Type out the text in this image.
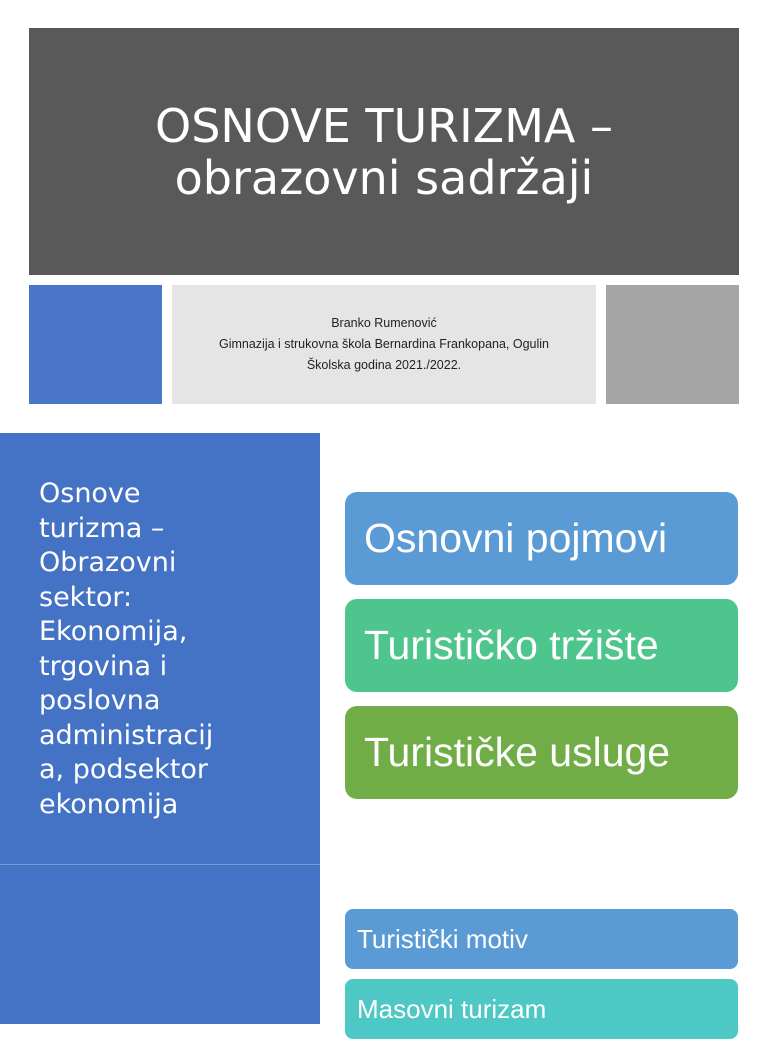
OSNOVE TURIZMA –
obrazovni sadržaji
Branko Rumenović
Gimnazija i strukovna škola Bernardina Frankopana, Ogulin
Školska godina 2021./2022.
Osnove
turizma –
Obrazovni
sektor:
Ekonomija,
trgovina i
poslovna
administracij
a, podsektor
ekonomija
Osnovni pojmovi
Turističko tržište
Turističke usluge
Turistički motiv
Masovni turizam
